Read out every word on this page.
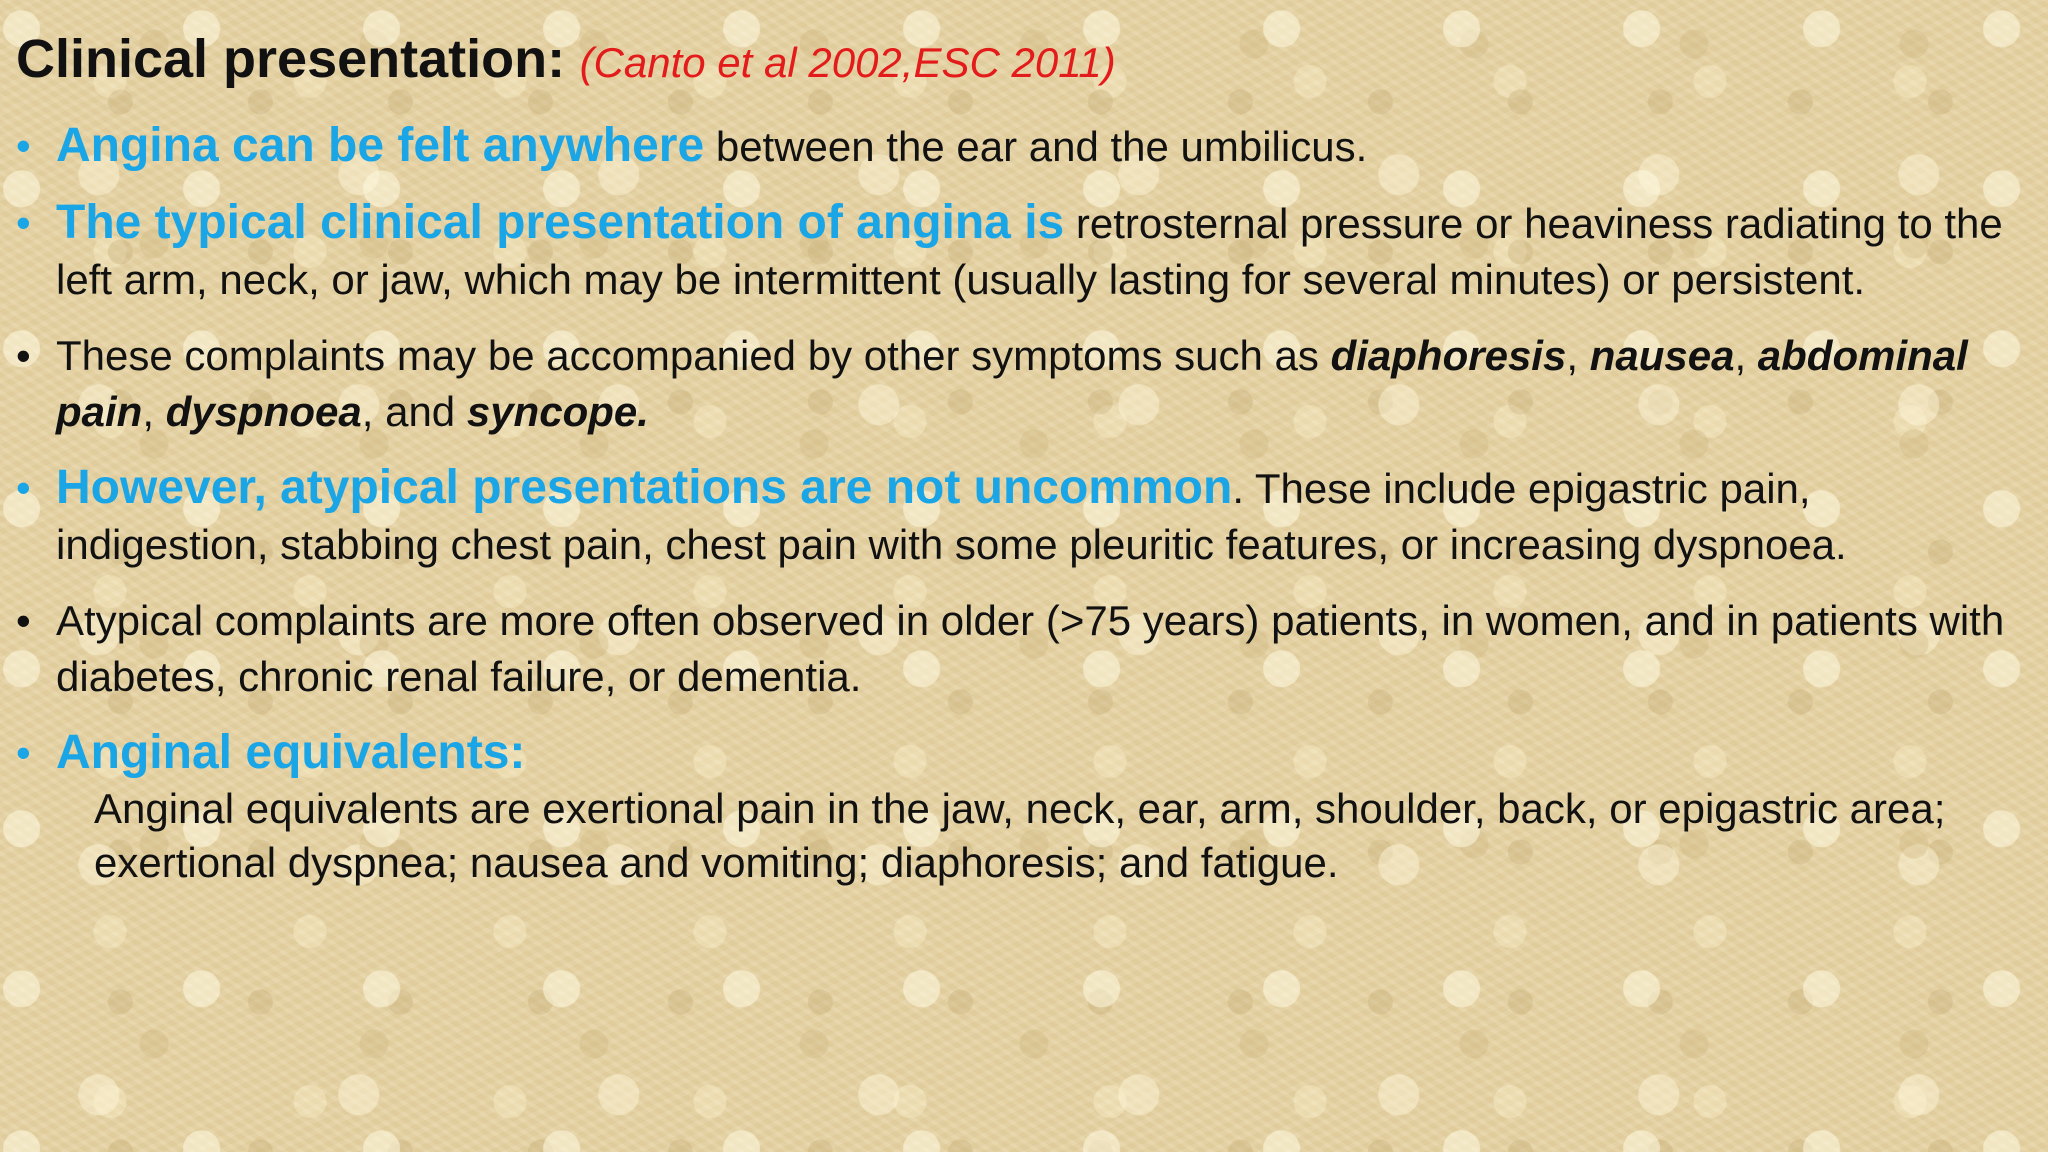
Clinical presentation: (Canto et al 2002,ESC 2011)
• Angina can be felt anywhere between the ear and the umbilicus.
• The typical clinical presentation of angina is retrosternal pressure or heaviness radiating to the left arm, neck, or jaw, which may be intermittent (usually lasting for several minutes) or persistent.
• These complaints may be accompanied by other symptoms such as diaphoresis, nausea, abdominal pain, dyspnoea, and syncope.
• However, atypical presentations are not uncommon. These include epigastric pain, indigestion, stabbing chest pain, chest pain with some pleuritic features, or increasing dyspnoea.
• Atypical complaints are more often observed in older (>75 years) patients, in women, and in patients with diabetes, chronic renal failure, or dementia.
• Anginal equivalents:
Anginal equivalents are exertional pain in the jaw, neck, ear, arm, shoulder, back, or epigastric area; exertional dyspnea; nausea and vomiting; diaphoresis; and fatigue.
